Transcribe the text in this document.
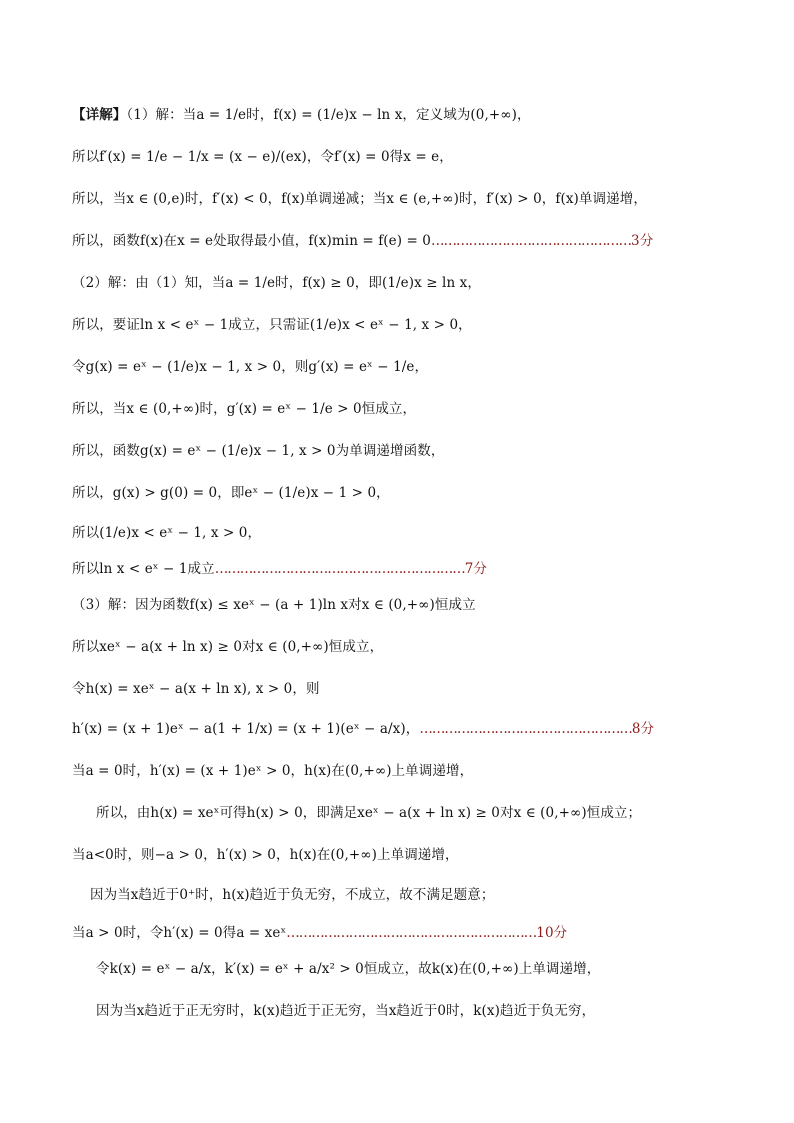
【详解】（1）解：当a = 1/e时，f(x) = (1/e)x − ln x，定义域为(0,+∞)，
所以f′(x) = 1/e − 1/x = (x − e)/(ex)，令f′(x) = 0得x = e，
所以，当x ∈ (0,e)时，f′(x) < 0，f(x)单调递减；当x ∈ (e,+∞)时，f′(x) > 0，f(x)单调递增，
所以，函数f(x)在x = e处取得最小值，f(x)min = f(e) = 0…………………………………………3分
（2）解：由（1）知，当a = 1/e时，f(x) ≥ 0，即(1/e)x ≥ ln x，
所以，要证ln x < eˣ − 1成立，只需证(1/e)x < eˣ − 1, x > 0，
令g(x) = eˣ − (1/e)x − 1, x > 0，则g′(x) = eˣ − 1/e，
所以，当x ∈ (0,+∞)时，g′(x) = eˣ − 1/e > 0恒成立，
所以，函数g(x) = eˣ − (1/e)x − 1, x > 0为单调递增函数，
所以，g(x) > g(0) = 0，即eˣ − (1/e)x − 1 > 0，
所以(1/e)x < eˣ − 1, x > 0，
所以ln x < eˣ − 1成立……………………………………………………7分
（3）解：因为函数f(x) ≤ xeˣ − (a + 1)ln x对x ∈ (0,+∞)恒成立
所以xeˣ − a(x + ln x) ≥ 0对x ∈ (0,+∞)恒成立，
令h(x) = xeˣ − a(x + ln x), x > 0，则
h′(x) = (x + 1)eˣ − a(1 + 1/x) = (x + 1)(eˣ − a/x)，……………………………………………8分
当a = 0时，h′(x) = (x + 1)eˣ > 0，h(x)在(0,+∞)上单调递增，
所以，由h(x) = xeˣ可得h(x) > 0，即满足xeˣ − a(x + ln x) ≥ 0对x ∈ (0,+∞)恒成立；
当a<0时，则−a > 0，h′(x) > 0，h(x)在(0,+∞)上单调递增，
因为当x趋近于0⁺时，h(x)趋近于负无穷，不成立，故不满足题意；
当a > 0时，令h′(x) = 0得a = xeˣ……………………………………………………10分
令k(x) = eˣ − a/x，k′(x) = eˣ + a/x² > 0恒成立，故k(x)在(0,+∞)上单调递增，
因为当x趋近于正无穷时，k(x)趋近于正无穷，当x趋近于0时，k(x)趋近于负无穷，
